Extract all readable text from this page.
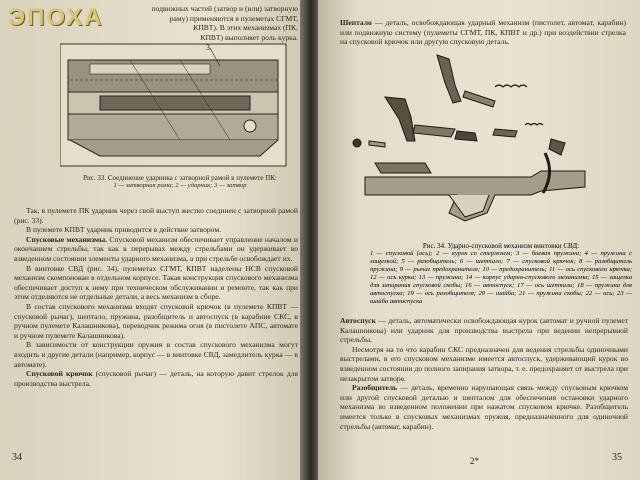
ЭПОХА	подвижных частей (затвор и (или) затворную
раму) применяются в пулеметах СГМТ,
КПВТ). В этих механизмах (ПК,
КПВТ) выполняет роль курка.
3
Рис. 33. Соединение ударника с затворной рамой в пулемете ПК:
1 — затворная рама; 2 — ударник; 3 — затвор

Так, в пулемете ПК ударник через свой выступ жестко соединен с затворной рамой (рис. 33).

В пулемете КПВТ ударник приводится в действие затвором.

Спусковые механизмы. Спусковой механизм обеспечивает управление началом и окончанием стрельбы, так как в перерывах между стрельбами он удерживает во взведенном состоянии элементы ударного механизма, а при стрельбе освобождает их.

В винтовке СВД (рис. 34), пулеметах СГМТ, КПВТ наделены НСВ спусковой механизм скомпонован в отдельном корпусе. Такая конструкция спускового механизма обеспечивает доступ к нему при техническом обслуживании и ремонте, так как при этом отделяются не отдельные детали, а весь механизм в сборе.

В состав спускового механизма входят спусковой крючок (в пулемете КПВТ — спусковой рычаг), шептало, пружина, разобщитель и автоспуск (в карабине СКС, в ручном пулемете Калашникова), переводчик режима огня (в пистолете АПС, автомате и ручном пулемете Калашникова).

В зависимости от конструкции оружия в состав спускового механизма могут входить и другие детали (например, корпус — в винтовке СВД, замедлитель курка — в автомате).

Спусковой крючок (спусковой рычаг) — деталь, на которую давит стрелок для производства выстрела.

34

Шептало — деталь, освобождающая ударный механизм (пистолет, автомат, карабин) или подвижную систему (пулеметы СГМТ, ПК, КПВТ и др.) при воздействии стрелка на спусковой крючок или другую спусковую деталь.

Рис. 34. Ударно-спусковой механизм винтовки СВД:
1 — спусковой (ось); 2 — курок со стержнем; 3 — боевая пружина; 4 — пружина с защелкой; 5 — разобщитель; 6 — шептало; 7 — спусковой крючок; 8 — разобщитель пружина; 9 — рычаг предохранителя; 10 — предохранитель; 11 — ось спускового крючка; 12 — ось курка; 13 — пружина; 14 — корпус ударно-спускового механизма; 15 — защелка для запирания спусковой скобы; 16 — автоспуск; 17 — ось шептала; 18 — пружина для автоспуска; 19 — ось разобщителя; 20 — шайба; 21 — пружина скобы; 22 — ось; 23 — шайба автоспуска

Автоспуск — деталь, автоматически освобождающая курок (автомат и ручной пулемет Калашникова) или ударник для производства выстрела при ведении непрерывной стрельбы.

Несмотря на то что карабин СКС предназначен для ведения стрельбы одиночными выстрелами, в его спусковом механизме имеется автоспуск, удерживающий курок во взведенном состоянии до полного запирания затвора, т. е. предохраняет от выстрела при незакрытом затворе.

Разобщитель — деталь, временно нарушающая связь между спусковым крючком или другой спусковой деталью и шепталом для обеспечения остановки ударного механизма во взведенном положении при нажатом спусковом крючке. Разобщитель имеется только в спусковых механизмах оружия, предназначенного для одиночной стрельбы (автомат, карабин).

2*	35
